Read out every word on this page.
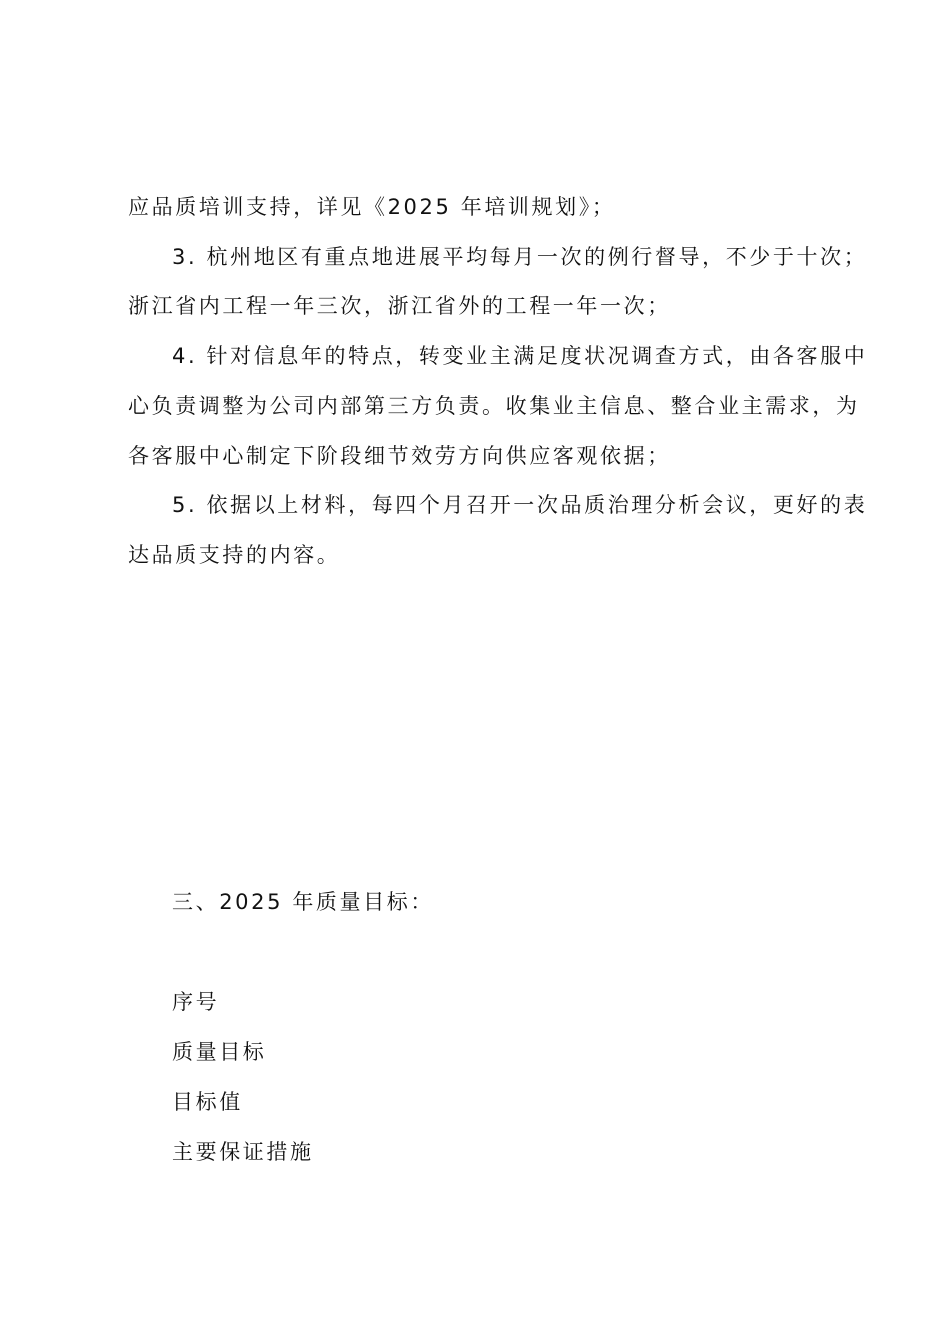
应品质培训支持，详见《2025 年培训规划》；
3. 杭州地区有重点地进展平均每月一次的例行督导，不少于十次；
浙江省内工程一年三次，浙江省外的工程一年一次；
4. 针对信息年的特点，转变业主满足度状况调查方式，由各客服中
心负责调整为公司内部第三方负责。收集业主信息、整合业主需求，为
各客服中心制定下阶段细节效劳方向供应客观依据；
5. 依据以上材料，每四个月召开一次品质治理分析会议，更好的表
达品质支持的内容。
三、2025 年质量目标：
序号
质量目标
目标值
主要保证措施
